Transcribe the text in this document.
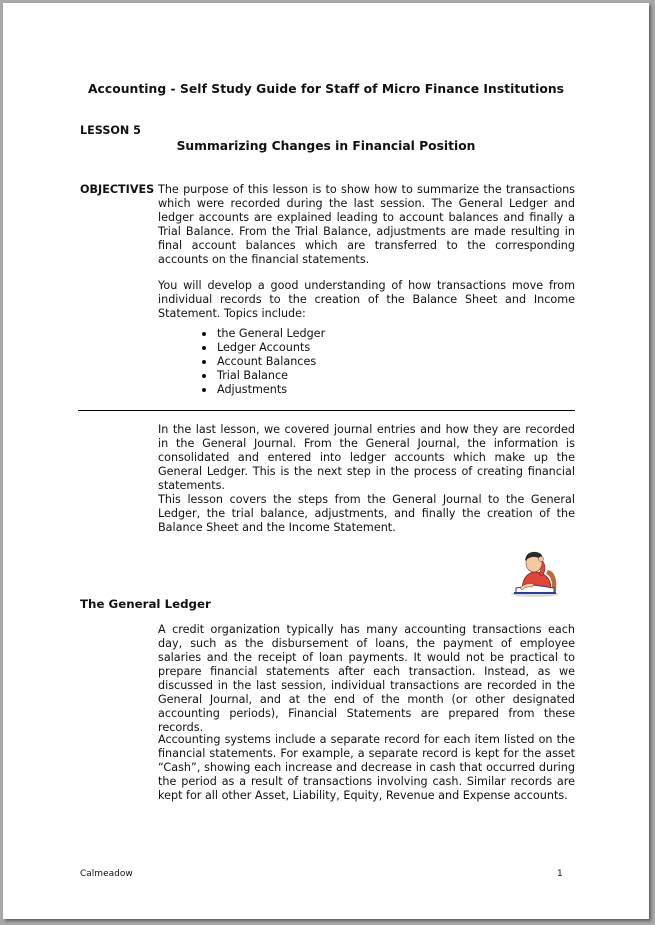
Accounting - Self Study Guide for Staff of Micro Finance Institutions
LESSON 5
Summarizing Changes in Financial Position
OBJECTIVES The purpose of this lesson is to show how to summarize the transactions which were recorded during the last session. The General Ledger and ledger accounts are explained leading to account balances and finally a Trial Balance. From the Trial Balance, adjustments are made resulting in final account balances which are transferred to the corresponding accounts on the financial statements.
You will develop a good understanding of how transactions move from individual records to the creation of the Balance Sheet and Income Statement. Topics include:
the General Ledger
Ledger Accounts
Account Balances
Trial Balance
Adjustments
In the last lesson, we covered journal entries and how they are recorded in the General Journal. From the General Journal, the information is consolidated and entered into ledger accounts which make up the General Ledger. This is the next step in the process of creating financial statements.
This lesson covers the steps from the General Journal to the General Ledger, the trial balance, adjustments, and finally the creation of the Balance Sheet and the Income Statement.
The General Ledger
A credit organization typically has many accounting transactions each day, such as the disbursement of loans, the payment of employee salaries and the receipt of loan payments. It would not be practical to prepare financial statements after each transaction. Instead, as we discussed in the last session, individual transactions are recorded in the General Journal, and at the end of the month (or other designated accounting periods), Financial Statements are prepared from these records.
Accounting systems include a separate record for each item listed on the financial statements. For example, a separate record is kept for the asset “Cash”, showing each increase and decrease in cash that occurred during the period as a result of transactions involving cash. Similar records are kept for all other Asset, Liability, Equity, Revenue and Expense accounts.
Calmeadow	1
